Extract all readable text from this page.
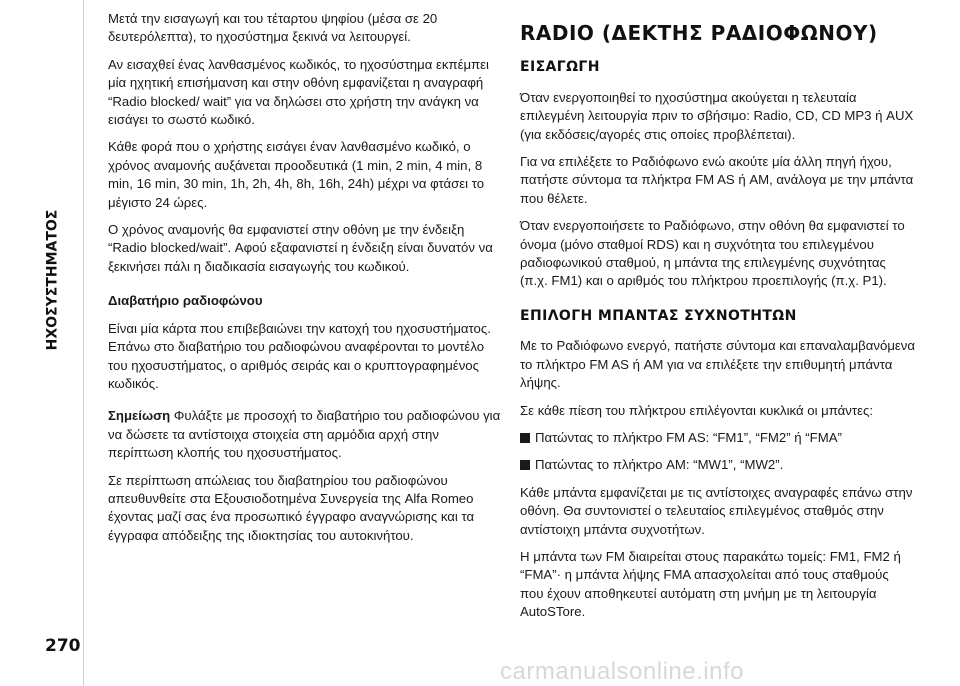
ΗΧΟΣΥΣΤΗΜΑΤΟΣ
270

Μετά την εισαγωγή και του τέταρτου ψηφίου (μέσα σε 20 δευτερόλεπτα), το ηχοσύστημα ξεκινά να λειτουργεί.

Αν εισαχθεί ένας λανθασμένος κωδικός, το ηχοσύστημα εκπέμπει μία ηχητική επισήμανση και στην οθόνη εμφανίζεται η αναγραφή “Radio blocked/ wait” για να δηλώσει στο χρήστη την ανάγκη να εισάγει το σωστό κωδικό.

Κάθε φορά που ο χρήστης εισάγει έναν λανθασμένο κωδικό, ο χρόνος αναμονής αυξάνεται προοδευτικά (1 min, 2 min, 4 min, 8 min, 16 min, 30 min, 1h, 2h, 4h, 8h, 16h, 24h) μέχρι να φτάσει το μέγιστο 24 ώρες.

Ο χρόνος αναμονής θα εμφανιστεί στην οθόνη με την ένδειξη “Radio blocked/wait”. Αφού εξαφανιστεί η ένδειξη είναι δυνατόν να ξεκινήσει πάλι η διαδικασία εισαγωγής του κωδικού.

Διαβατήριο ραδιοφώνου

Είναι μία κάρτα που επιβεβαιώνει την κατοχή του ηχοσυστήματος. Επάνω στο διαβατήριο του ραδιοφώνου αναφέρονται το μοντέλο του ηχοσυστήματος, ο αριθμός σειράς και ο κρυπτογραφημένος κωδικός.

Σημείωση Φυλάξτε με προσοχή το διαβατήριο του ραδιοφώνου για να δώσετε τα αντίστοιχα στοιχεία στη αρμόδια αρχή στην περίπτωση κλοπής του ηχοσυστήματος.

Σε περίπτωση απώλειας του διαβατηρίου του ραδιοφώνου απευθυνθείτε στα Εξουσιοδοτημένα Συνεργεία της Alfa Romeo έχοντας μαζί σας ένα προσωπικό έγγραφο αναγνώρισης και τα έγγραφα απόδειξης της ιδιοκτησίας του αυτοκινήτου.

RADIO (ΔΕΚΤΗΣ ΡΑΔΙΟΦΩΝΟΥ)
ΕΙΣΑΓΩΓΗ

Όταν ενεργοποιηθεί το ηχοσύστημα ακούγεται η τελευταία επιλεγμένη λειτουργία πριν το σβήσιμο: Radio, CD, CD MP3 ή AUX (για εκδόσεις/αγορές στις οποίες προβλέπεται).

Για να επιλέξετε το Ραδιόφωνο ενώ ακούτε μία άλλη πηγή ήχου, πατήστε σύντομα τα πλήκτρα FM AS ή AM, ανάλογα με την μπάντα που θέλετε.

Όταν ενεργοποιήσετε το Ραδιόφωνο, στην οθόνη θα εμφανιστεί το όνομα (μόνο σταθμοί RDS) και η συχνότητα του επιλεγμένου ραδιοφωνικού σταθμού, η μπάντα της επιλεγμένης συχνότητας (π.χ. FM1) και ο αριθμός του πλήκτρου προεπιλογής (π.χ. P1).

ΕΠΙΛΟΓΗ ΜΠΑΝΤΑΣ ΣΥΧΝΟΤΗΤΩΝ

Με το Ραδιόφωνο ενεργό, πατήστε σύντομα και επαναλαμβανόμενα το πλήκτρο FM AS ή AM για να επιλέξετε την επιθυμητή μπάντα λήψης.

Σε κάθε πίεση του πλήκτρου επιλέγονται κυκλικά οι μπάντες:

Πατώντας το πλήκτρο FM AS: “FM1”, “FM2” ή “FMA”

Πατώντας το πλήκτρο AM: “MW1”, “MW2”.

Κάθε μπάντα εμφανίζεται με τις αντίστοιχες αναγραφές επάνω στην οθόνη. Θα συντονιστεί ο τελευταίος επιλεγμένος σταθμός στην αντίστοιχη μπάντα συχνοτήτων.

Η μπάντα των FM διαιρείται στους παρακάτω τομείς: FM1, FM2 ή “FMA”· η μπάντα λήψης FMA απασχολείται από τους σταθμούς που έχουν αποθηκευτεί αυτόματη στη μνήμη με τη λειτουργία AutoSTore.

carmanualsonline.info
